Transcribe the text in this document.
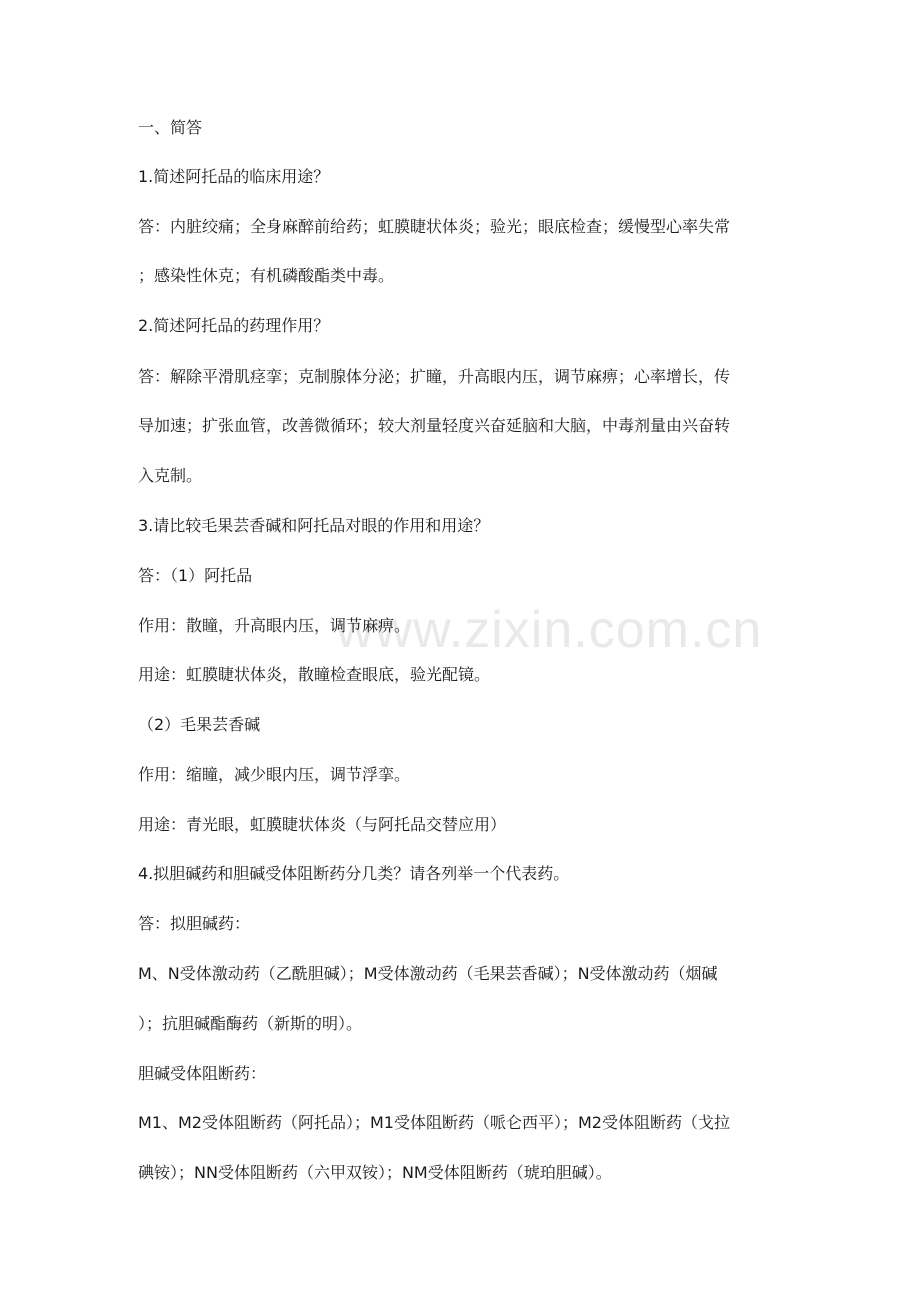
www.zixin.com.cn
一、简答
1.简述阿托品的临床用途？
答：内脏绞痛；全身麻醉前给药；虹膜睫状体炎；验光；眼底检查；缓慢型心率失常
；感染性休克；有机磷酸酯类中毒。
2.简述阿托品的药理作用？
答：解除平滑肌痉挛；克制腺体分泌；扩瞳，升高眼内压，调节麻痹；心率增长，传
导加速；扩张血管，改善微循环；较大剂量轻度兴奋延脑和大脑，中毒剂量由兴奋转
入克制。
3.请比较毛果芸香碱和阿托品对眼的作用和用途？
答：（1）阿托品
作用：散瞳，升高眼内压，调节麻痹。
用途：虹膜睫状体炎，散瞳检查眼底，验光配镜。
（2）毛果芸香碱
作用：缩瞳，减少眼内压，调节浮挛。
用途：青光眼，虹膜睫状体炎（与阿托品交替应用）
4.拟胆碱药和胆碱受体阻断药分几类？请各列举一个代表药。
答：拟胆碱药：
M、N受体激动药（乙酰胆碱）；M受体激动药（毛果芸香碱）；N受体激动药（烟碱
）；抗胆碱酯酶药（新斯的明）。
胆碱受体阻断药：
M1、M2受体阻断药（阿托品）；M1受体阻断药（哌仑西平）；M2受体阻断药（戈拉
碘铵）；NN受体阻断药（六甲双铵）；NM受体阻断药（琥珀胆碱）。
